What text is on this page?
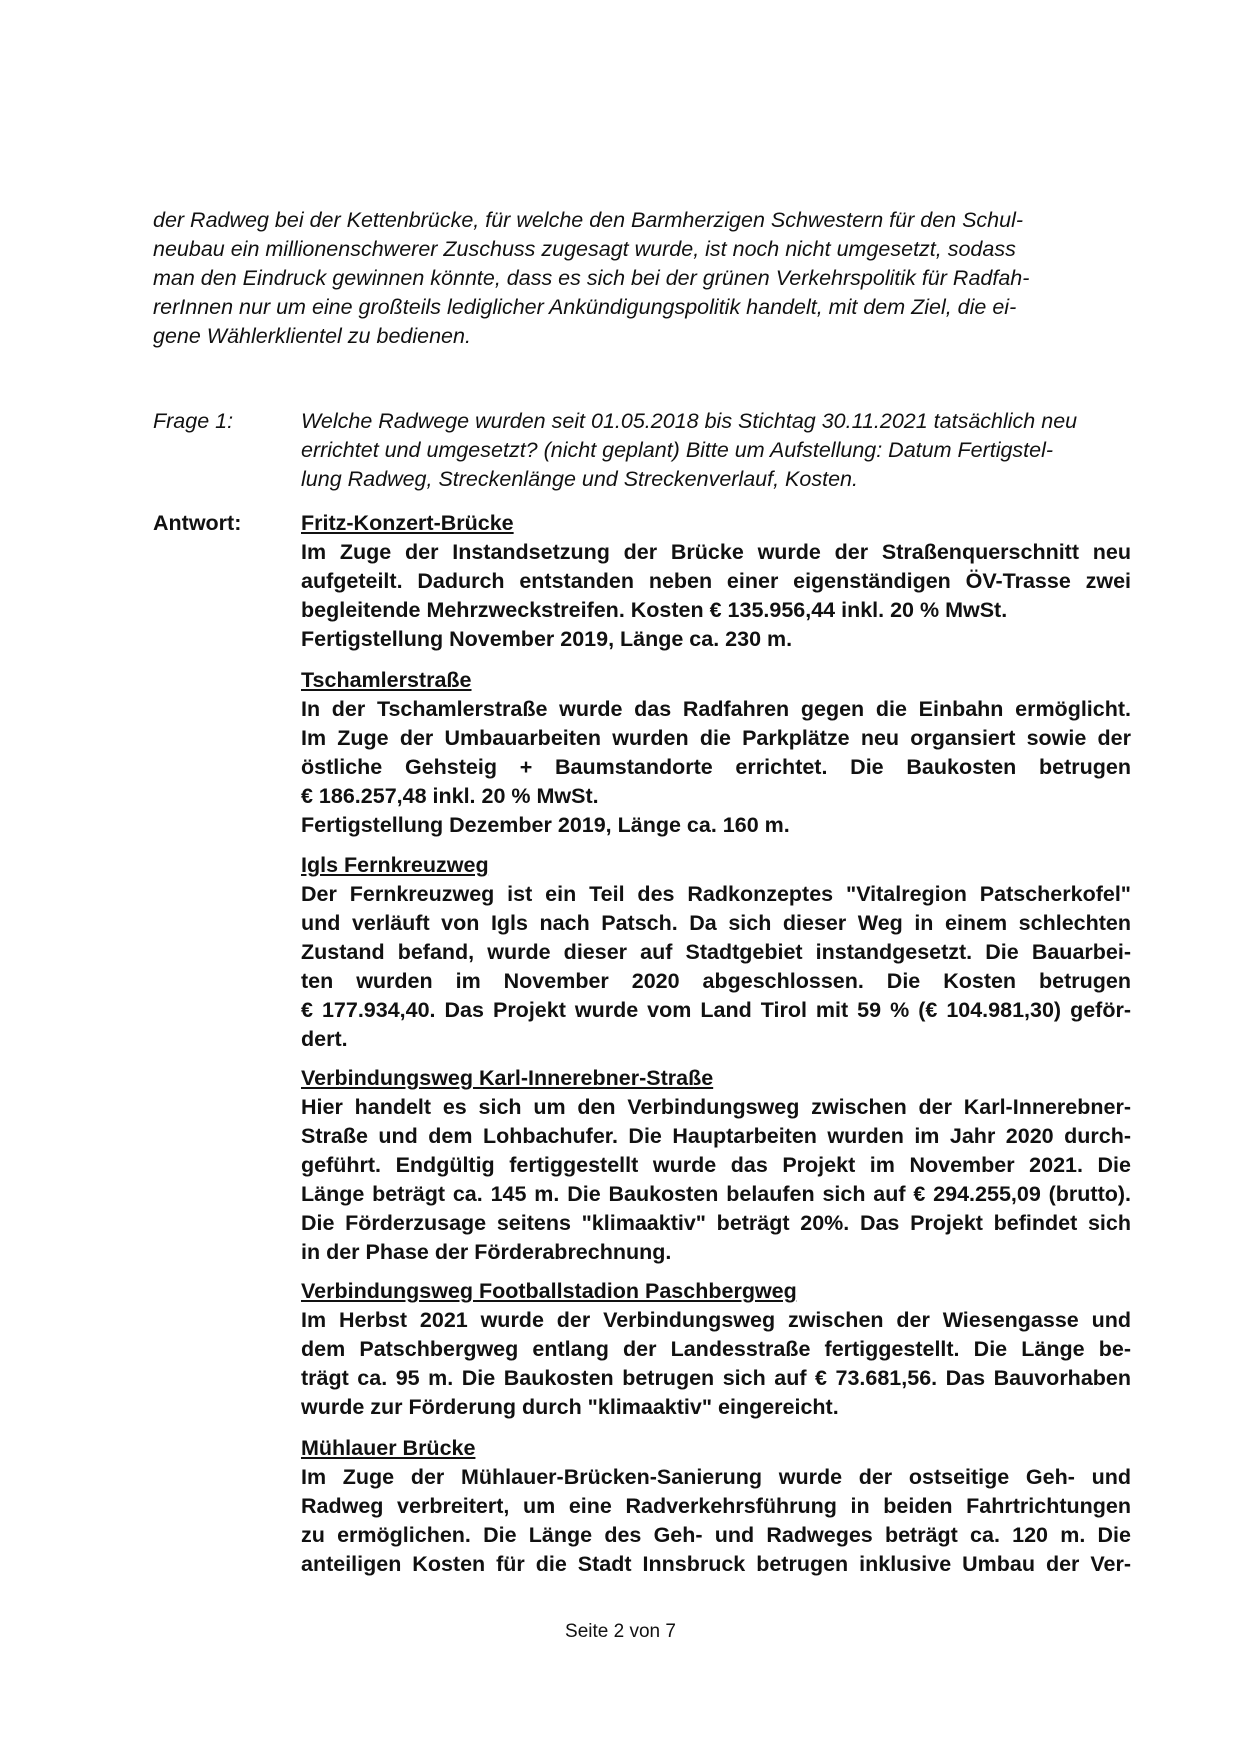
der Radweg bei der Kettenbrücke, für welche den Barmherzigen Schwestern für den Schul-
neubau ein millionenschwerer Zuschuss zugesagt wurde, ist noch nicht umgesetzt, sodass
man den Eindruck gewinnen könnte, dass es sich bei der grünen Verkehrspolitik für Radfah-
rerInnen nur um eine großteils lediglicher Ankündigungspolitik handelt, mit dem Ziel, die ei-
gene Wählerklientel zu bedienen.
Frage 1:	Welche Radwege wurden seit 01.05.2018 bis Stichtag 30.11.2021 tatsächlich neu
errichtet und umgesetzt? (nicht geplant) Bitte um Aufstellung: Datum Fertigstel-
lung Radweg, Streckenlänge und Streckenverlauf, Kosten.
Antwort:	Fritz-Konzert-Brücke
Im Zuge der Instandsetzung der Brücke wurde der Straßenquerschnitt neu
aufgeteilt. Dadurch entstanden neben einer eigenständigen ÖV-Trasse zwei
begleitende Mehrzweckstreifen. Kosten € 135.956,44 inkl. 20 % MwSt.
Fertigstellung November 2019, Länge ca. 230 m.
Tschamlerstraße
In der Tschamlerstraße wurde das Radfahren gegen die Einbahn ermöglicht.
Im Zuge der Umbauarbeiten wurden die Parkplätze neu organsiert sowie der
östliche Gehsteig + Baumstandorte errichtet. Die Baukosten betrugen
€ 186.257,48 inkl. 20 % MwSt.
Fertigstellung Dezember 2019, Länge ca. 160 m.
Igls Fernkreuzweg
Der Fernkreuzweg ist ein Teil des Radkonzeptes "Vitalregion Patscherkofel"
und verläuft von Igls nach Patsch. Da sich dieser Weg in einem schlechten
Zustand befand, wurde dieser auf Stadtgebiet instandgesetzt. Die Bauarbei-
ten wurden im November 2020 abgeschlossen. Die Kosten betrugen
€ 177.934,40. Das Projekt wurde vom Land Tirol mit 59 % (€ 104.981,30) geför-
dert.
Verbindungsweg Karl-Innerebner-Straße
Hier handelt es sich um den Verbindungsweg zwischen der Karl-Innerebner-
Straße und dem Lohbachufer. Die Hauptarbeiten wurden im Jahr 2020 durch-
geführt. Endgültig fertiggestellt wurde das Projekt im November 2021. Die
Länge beträgt ca. 145 m. Die Baukosten belaufen sich auf € 294.255,09 (brutto).
Die Förderzusage seitens "klimaaktiv" beträgt 20%. Das Projekt befindet sich
in der Phase der Förderabrechnung.
Verbindungsweg Footballstadion Paschbergweg
Im Herbst 2021 wurde der Verbindungsweg zwischen der Wiesengasse und
dem Patschbergweg entlang der Landesstraße fertiggestellt. Die Länge be-
trägt ca. 95 m. Die Baukosten betrugen sich auf € 73.681,56. Das Bauvorhaben
wurde zur Förderung durch "klimaaktiv" eingereicht.
Mühlauer Brücke
Im Zuge der Mühlauer-Brücken-Sanierung wurde der ostseitige Geh- und
Radweg verbreitert, um eine Radverkehrsführung in beiden Fahrtrichtungen
zu ermöglichen. Die Länge des Geh- und Radweges beträgt ca. 120 m. Die
anteiligen Kosten für die Stadt Innsbruck betrugen inklusive Umbau der Ver-
Seite 2 von 7
